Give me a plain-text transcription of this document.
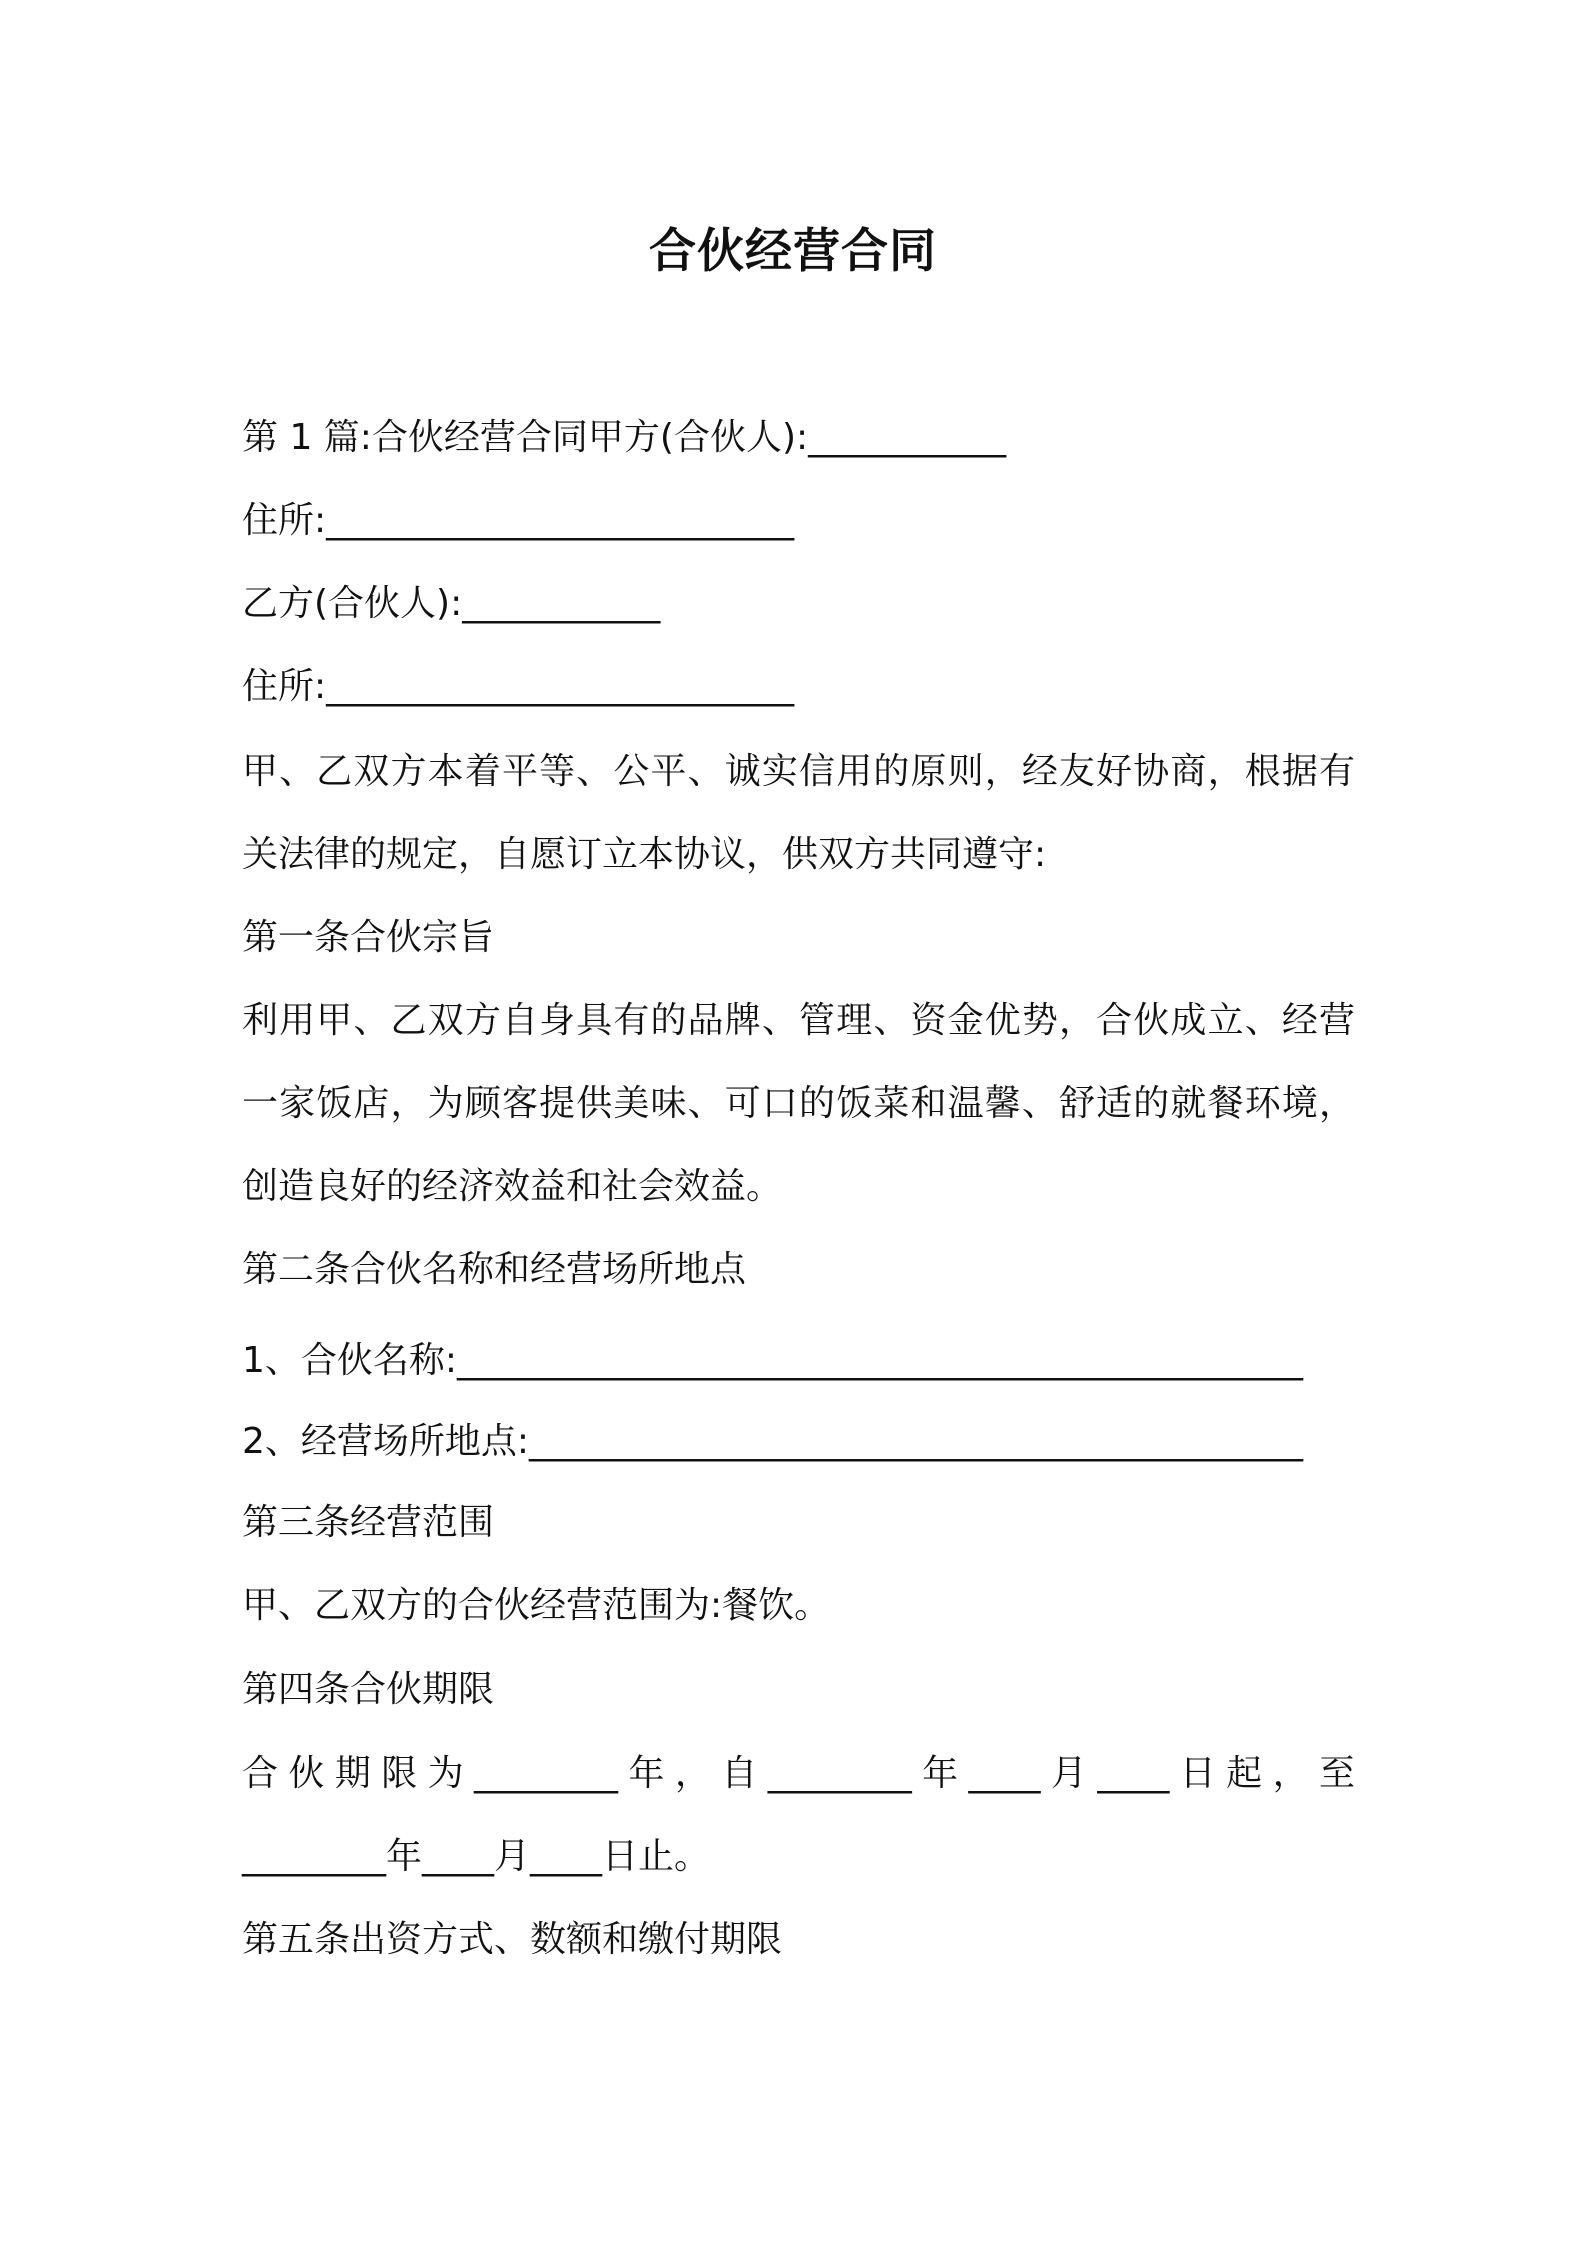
合伙经营合同
第 1 篇:合伙经营合同甲方(合伙人):___________
住所:__________________________
乙方(合伙人):___________
住所:__________________________
甲、乙双方本着平等、公平、诚实信用的原则，经友好协商，根据有
关法律的规定，自愿订立本协议，供双方共同遵守:
第一条合伙宗旨
利用甲、乙双方自身具有的品牌、管理、资金优势，合伙成立、经营
一家饭店，为顾客提供美味、可口的饭菜和温馨、舒适的就餐环境，
创造良好的经济效益和社会效益。
第二条合伙名称和经营场所地点
1、合伙名称:_______________________________________________
2、经营场所地点:___________________________________________
第三条经营范围
甲、乙双方的合伙经营范围为:餐饮。
第四条合伙期限
合伙期限为________年，自________年____月____日起，至
________年____月____日止。
第五条出资方式、数额和缴付期限
